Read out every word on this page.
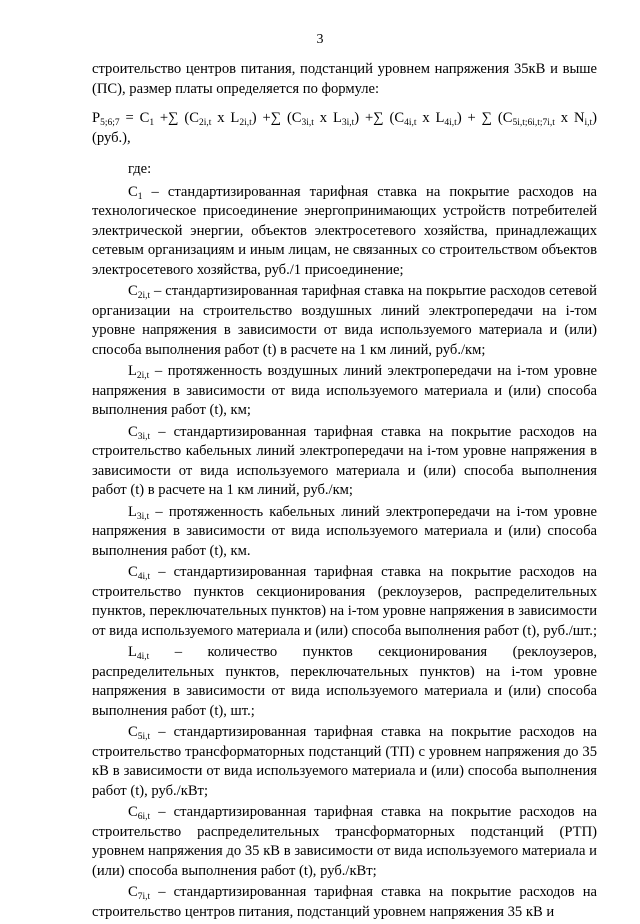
3

строительство центров питания, подстанций уровнем напряжения 35кВ и выше (ПС), размер платы определяется по формуле:

$P_{5;6;7} = C_1$ +∑ ($C_{2i,t}$ x $L_{2i,t}$) +∑ ($C_{3i,t}$ x $L_{3i,t}$) +∑ ($C_{4i,t}$ x $L_{4i,t}$) + ∑ ($C_{5i,t;6i,t;7i,t}$ x $N_{i,t}$) (руб.),

где:

$C_1$ – стандартизированная тарифная ставка на покрытие расходов на технологическое присоединение энергопринимающих устройств потребителей электрической энергии, объектов электросетевого хозяйства, принадлежащих сетевым организациям и иным лицам, не связанных со строительством объектов электросетевого хозяйства, руб./1 присоединение;

$C_{2i,t}$ – стандартизированная тарифная ставка на покрытие расходов сетевой организации на строительство воздушных линий электропередачи на i-том уровне напряжения в зависимости от вида используемого материала и (или) способа выполнения работ (t) в расчете на 1 км линий, руб./км;

$L_{2i,t}$ – протяженность воздушных линий электропередачи на i-том уровне напряжения в зависимости от вида используемого материала и (или) способа выполнения работ (t), км;

$C_{3i,t}$ – стандартизированная тарифная ставка на покрытие расходов на строительство кабельных линий электропередачи на i-том уровне напряжения в зависимости от вида используемого материала и (или) способа выполнения работ (t) в расчете на 1 км линий, руб./км;

$L_{3i,t}$ – протяженность кабельных линий электропередачи на i-том уровне напряжения в зависимости от вида используемого материала и (или) способа выполнения работ (t), км.

$C_{4i,t}$ – стандартизированная тарифная ставка на покрытие расходов на строительство пунктов секционирования (реклоузеров, распределительных пунктов, переключательных пунктов) на i-том уровне напряжения в зависимости от вида используемого материала и (или) способа выполнения работ (t), руб./шт.;

$L_{4i,t}$ – количество пунктов секционирования (реклоузеров, распределительных пунктов, переключательных пунктов) на i-том уровне напряжения в зависимости от вида используемого материала и (или) способа выполнения работ (t), шт.;

$C_{5i,t}$ – стандартизированная тарифная ставка на покрытие расходов на строительство трансформаторных подстанций (ТП) с уровнем напряжения до 35 кВ в зависимости от вида используемого материала и (или) способа выполнения работ (t), руб./кВт;

$C_{6i,t}$ – стандартизированная тарифная ставка на покрытие расходов на строительство распределительных трансформаторных подстанций (РТП) уровнем напряжения до 35 кВ в зависимости от вида используемого материала и (или) способа выполнения работ (t), руб./кВт;

$C_{7i,t}$ – стандартизированная тарифная ставка на покрытие расходов на строительство центров питания, подстанций уровнем напряжения 35 кВ и
